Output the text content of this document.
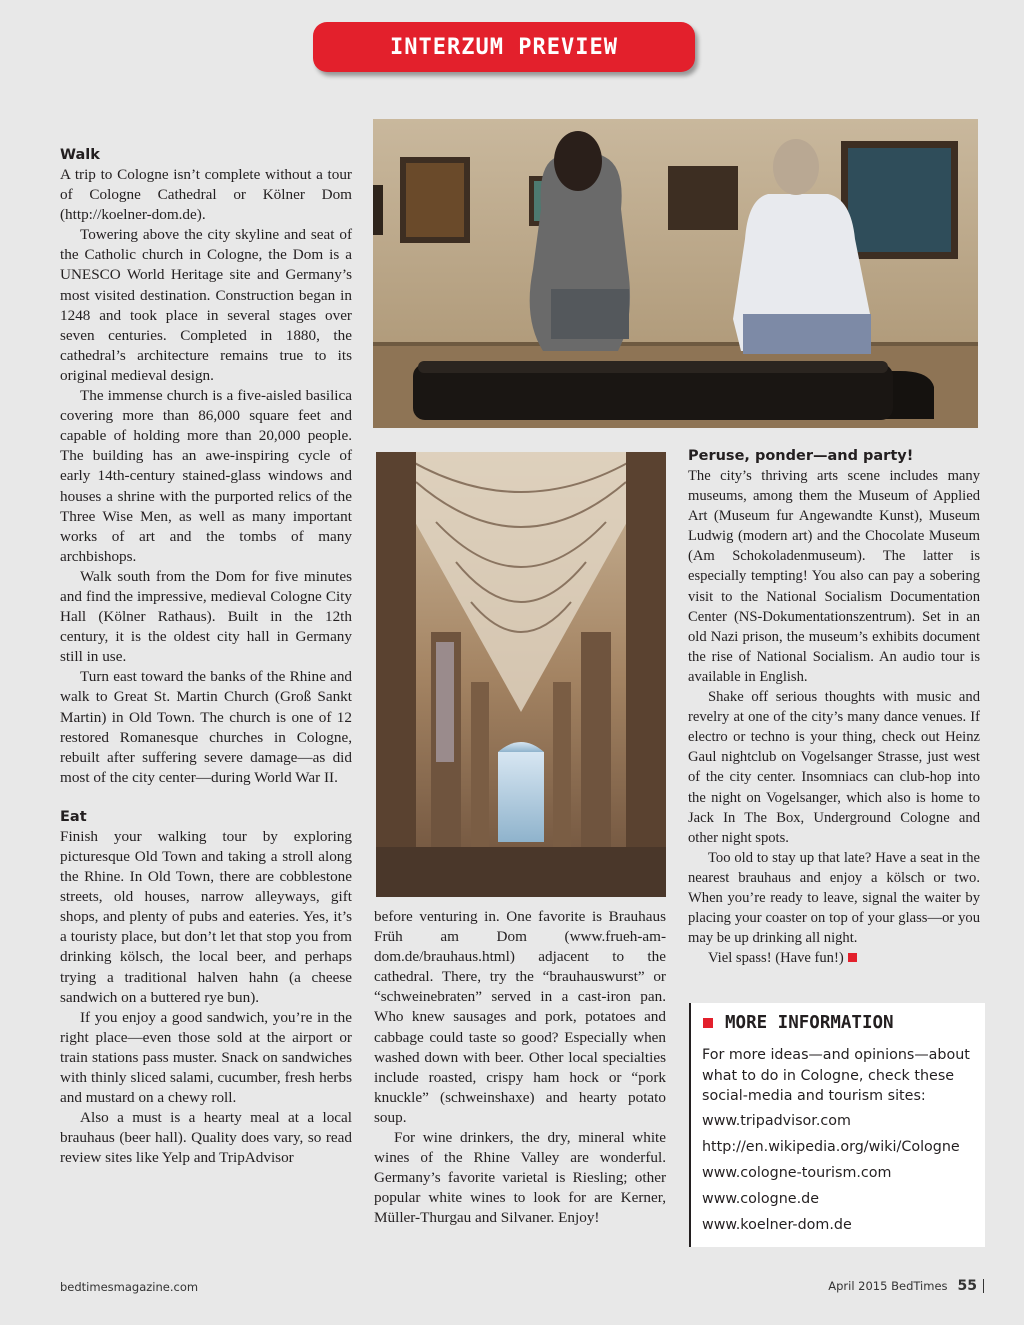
INTERZUM PREVIEW
Walk

A trip to Cologne isn’t complete without a tour of Cologne Cathedral or Kölner Dom (http://koelner-dom.de).

Towering above the city skyline and seat of the Catholic church in Cologne, the Dom is a UNESCO World Heritage site and Germany’s most visited destination. Construction began in 1248 and took place in several stages over seven centuries. Completed in 1880, the cathedral’s architecture remains true to its original medieval design.

The immense church is a five-aisled basilica covering more than 86,000 square feet and capable of holding more than 20,000 people. The building has an awe-inspiring cycle of early 14th-century stained-glass windows and houses a shrine with the purported relics of the Three Wise Men, as well as many important works of art and the tombs of many archbishops.

Walk south from the Dom for five minutes and find the impressive, medieval Cologne City Hall (Kölner Rathaus). Built in the 12th century, it is the oldest city hall in Germany still in use.

Turn east toward the banks of the Rhine and walk to Great St. Martin Church (Groß Sankt Martin) in Old Town. The church is one of 12 restored Romanesque churches in Cologne, rebuilt after suffering severe damage—as did most of the city center—during World War II.

Eat

Finish your walking tour by exploring picturesque Old Town and taking a stroll along the Rhine. In Old Town, there are cobblestone streets, old houses, narrow alleyways, gift shops, and plenty of pubs and eateries. Yes, it’s a touristy place, but don’t let that stop you from drinking kölsch, the local beer, and perhaps trying a traditional halven hahn (a cheese sandwich on a buttered rye bun).

If you enjoy a good sandwich, you’re in the right place—even those sold at the airport or train stations pass muster. Snack on sandwiches with thinly sliced salami, cucumber, fresh herbs and mustard on a chewy roll.

Also a must is a hearty meal at a local brauhaus (beer hall). Quality does vary, so read review sites like Yelp and TripAdvisor

before venturing in. One favorite is Brauhaus Früh am Dom (www.frueh-am-dom.de/brauhaus.html) adjacent to the cathedral. There, try the “brauhauswurst” or “schweinebraten” served in a cast-iron pan. Who knew sausages and pork, potatoes and cabbage could taste so good? Especially when washed down with beer. Other local specialties include roasted, crispy ham hock or “pork knuckle” (schweinshaxe) and hearty potato soup.

For wine drinkers, the dry, mineral white wines of the Rhine Valley are wonderful. Germany’s favorite varietal is Riesling; other popular white wines to look for are Kerner, Müller-Thurgau and Silvaner. Enjoy!

Peruse, ponder—and party!

The city’s thriving arts scene includes many museums, among them the Museum of Applied Art (Museum fur Angewandte Kunst), Museum Ludwig (modern art) and the Chocolate Museum (Am Schokoladenmuseum). The latter is especially tempting! You also can pay a sobering visit to the National Socialism Documentation Center (NS-Dokumentationszentrum). Set in an old Nazi prison, the museum’s exhibits document the rise of National Socialism. An audio tour is available in English.

Shake off serious thoughts with music and revelry at one of the city’s many dance venues. If electro or techno is your thing, check out Heinz Gaul nightclub on Vogelsanger Strasse, just west of the city center. Insomniacs can club-hop into the night on Vogelsanger, which also is home to Jack In The Box, Underground Cologne and other night spots.

Too old to stay up that late? Have a seat in the nearest brauhaus and enjoy a kölsch or two. When you’re ready to leave, signal the waiter by placing your coaster on top of your glass—or you may be up drinking all night.

Viel spass! (Have fun!)

MORE INFORMATION
For more ideas—and opinions—about what to do in Cologne, check these social-media and tourism sites:
www.tripadvisor.com
http://en.wikipedia.org/wiki/Cologne
www.cologne-tourism.com
www.cologne.de
www.koelner-dom.de
bedtimesmagazine.com	April 2015
BedTimes 55
